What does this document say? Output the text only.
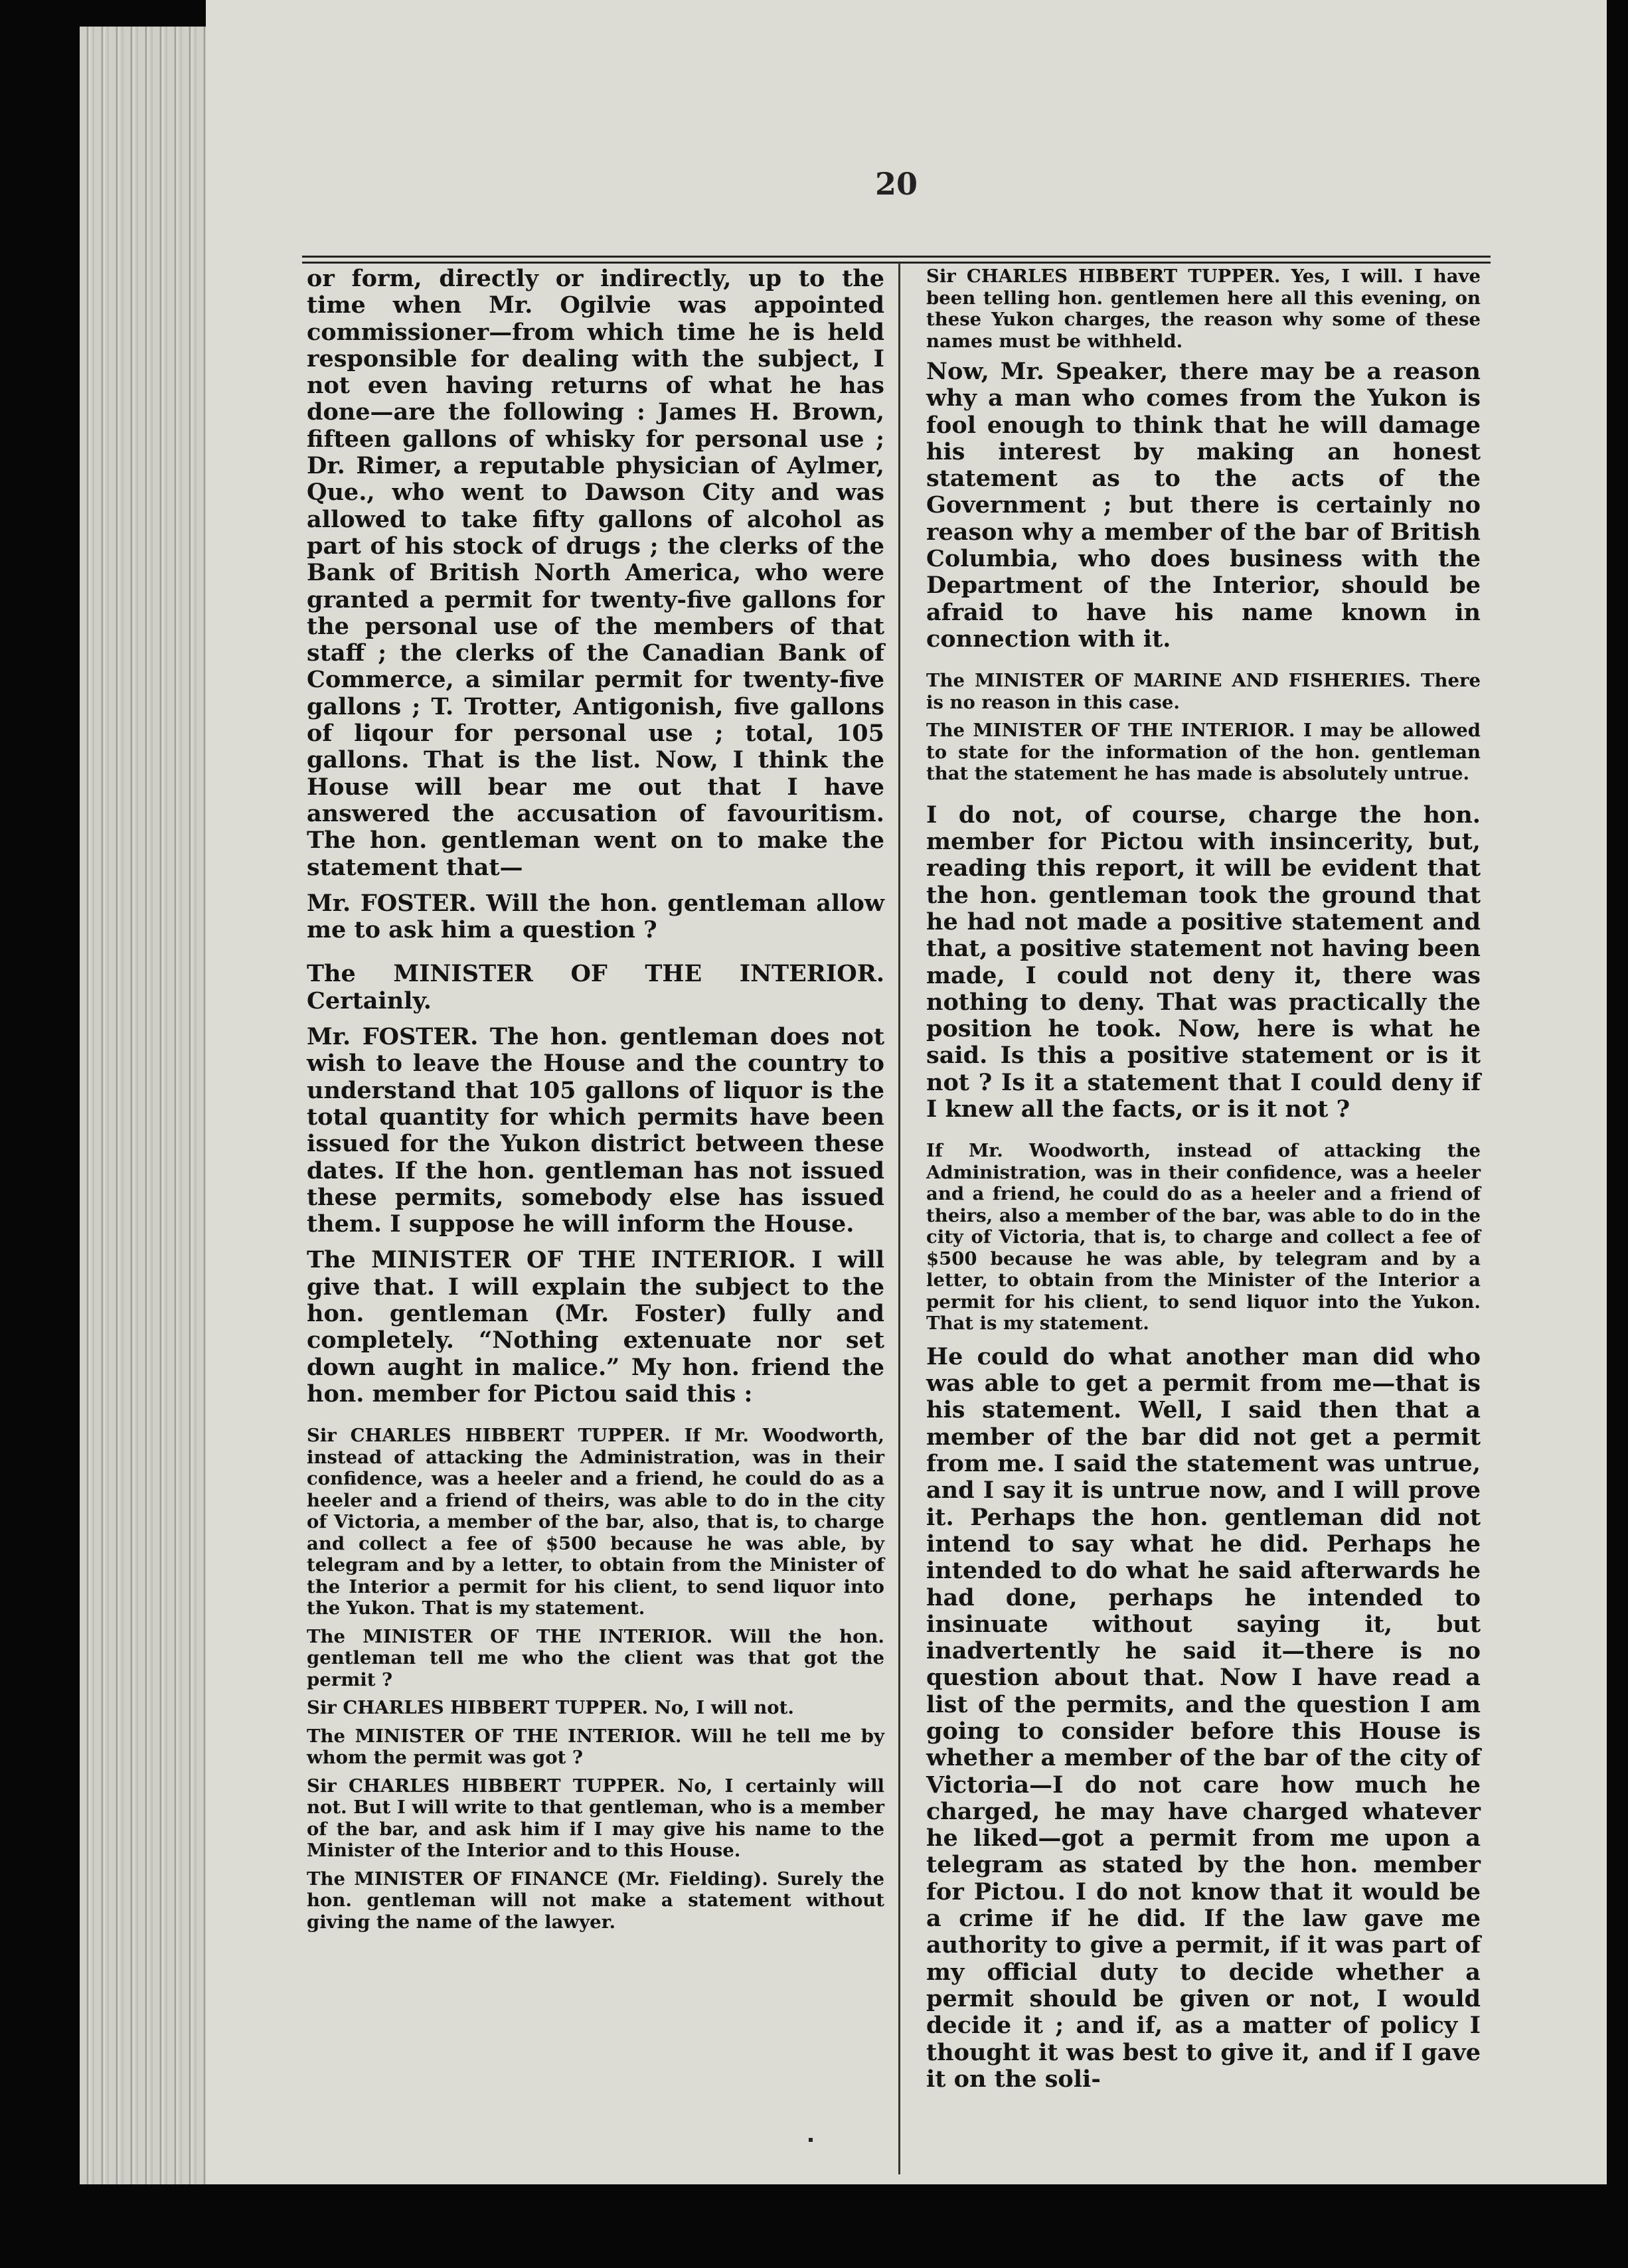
20

or form, directly or indirectly, up to the time when Mr. Ogilvie was appointed commissioner—from which time he is held responsible for dealing with the subject, I not even having returns of what he has done—are the following : James H. Brown, fifteen gallons of whisky for personal use ; Dr. Rimer, a reputable physician of Aylmer, Que., who went to Dawson City and was allowed to take fifty gallons of alcohol as part of his stock of drugs ; the clerks of the Bank of British North America, who were granted a permit for twenty-five gallons for the personal use of the members of that staff ; the clerks of the Canadian Bank of Commerce, a similar permit for twenty-five gallons ; T. Trotter, Antigonish, five gallons of liqour for personal use ; total, 105 gallons. That is the list. Now, I think the House will bear me out that I have answered the accusation of favouritism. The hon. gentleman went on to make the statement that—

Mr. FOSTER. Will the hon. gentleman allow me to ask him a question ?

The MINISTER OF THE INTERIOR. Certainly.

Mr. FOSTER. The hon. gentleman does not wish to leave the House and the country to understand that 105 gallons of liquor is the total quantity for which permits have been issued for the Yukon district between these dates. If the hon. gentleman has not issued these permits, somebody else has issued them. I suppose he will inform the House.

The MINISTER OF THE INTERIOR. I will give that. I will explain the subject to the hon. gentleman (Mr. Foster) fully and completely. “Nothing extenuate nor set down aught in malice.” My hon. friend the hon. member for Pictou said this :

Sir CHARLES HIBBERT TUPPER. If Mr. Woodworth, instead of attacking the Administration, was in their confidence, was a heeler and a friend, he could do as a heeler and a friend of theirs, was able to do in the city of Victoria, a member of the bar, also, that is, to charge and collect a fee of $500 because he was able, by telegram and by a letter, to obtain from the Minister of the Interior a permit for his client, to send liquor into the Yukon. That is my statement.

The MINISTER OF THE INTERIOR. Will the hon. gentleman tell me who the client was that got the permit ?

Sir CHARLES HIBBERT TUPPER. No, I will not.

The MINISTER OF THE INTERIOR. Will he tell me by whom the permit was got ?

Sir CHARLES HIBBERT TUPPER. No, I certainly will not. But I will write to that gentleman, who is a member of the bar, and ask him if I may give his name to the Minister of the Interior and to this House.

The MINISTER OF FINANCE (Mr. Fielding). Surely the hon. gentleman will not make a statement without giving the name of the lawyer.

Sir CHARLES HIBBERT TUPPER. Yes, I will. I have been telling hon. gentlemen here all this evening, on these Yukon charges, the reason why some of these names must be withheld.

Now, Mr. Speaker, there may be a reason why a man who comes from the Yukon is fool enough to think that he will damage his interest by making an honest statement as to the acts of the Government ; but there is certainly no reason why a member of the bar of British Columbia, who does business with the Department of the Interior, should be afraid to have his name known in connection with it.

The MINISTER OF MARINE AND FISHERIES. There is no reason in this case.

The MINISTER OF THE INTERIOR. I may be allowed to state for the information of the hon. gentleman that the statement he has made is absolutely untrue.

I do not, of course, charge the hon. member for Pictou with insincerity, but, reading this report, it will be evident that the hon. gentleman took the ground that he had not made a positive statement and that, a positive statement not having been made, I could not deny it, there was nothing to deny. That was practically the position he took. Now, here is what he said. Is this a positive statement or is it not ? Is it a statement that I could deny if I knew all the facts, or is it not ?

If Mr. Woodworth, instead of attacking the Administration, was in their confidence, was a heeler and a friend, he could do as a heeler and a friend of theirs, also a member of the bar, was able to do in the city of Victoria, that is, to charge and collect a fee of $500 because he was able, by telegram and by a letter, to obtain from the Minister of the Interior a permit for his client, to send liquor into the Yukon. That is my statement.

He could do what another man did who was able to get a permit from me—that is his statement. Well, I said then that a member of the bar did not get a permit from me. I said the statement was untrue, and I say it is untrue now, and I will prove it. Perhaps the hon. gentleman did not intend to say what he did. Perhaps he intended to do what he said afterwards he had done, perhaps he intended to insinuate without saying it, but inadvertently he said it—there is no question about that. Now I have read a list of the permits, and the question I am going to consider before this House is whether a member of the bar of the city of Victoria—I do not care how much he charged, he may have charged whatever he liked—got a permit from me upon a telegram as stated by the hon. member for Pictou. I do not know that it would be a crime if he did. If the law gave me authority to give a permit, if it was part of my official duty to decide whether a permit should be given or not, I would decide it ; and if, as a matter of policy I thought it was best to give it, and if I gave it on the soli-
